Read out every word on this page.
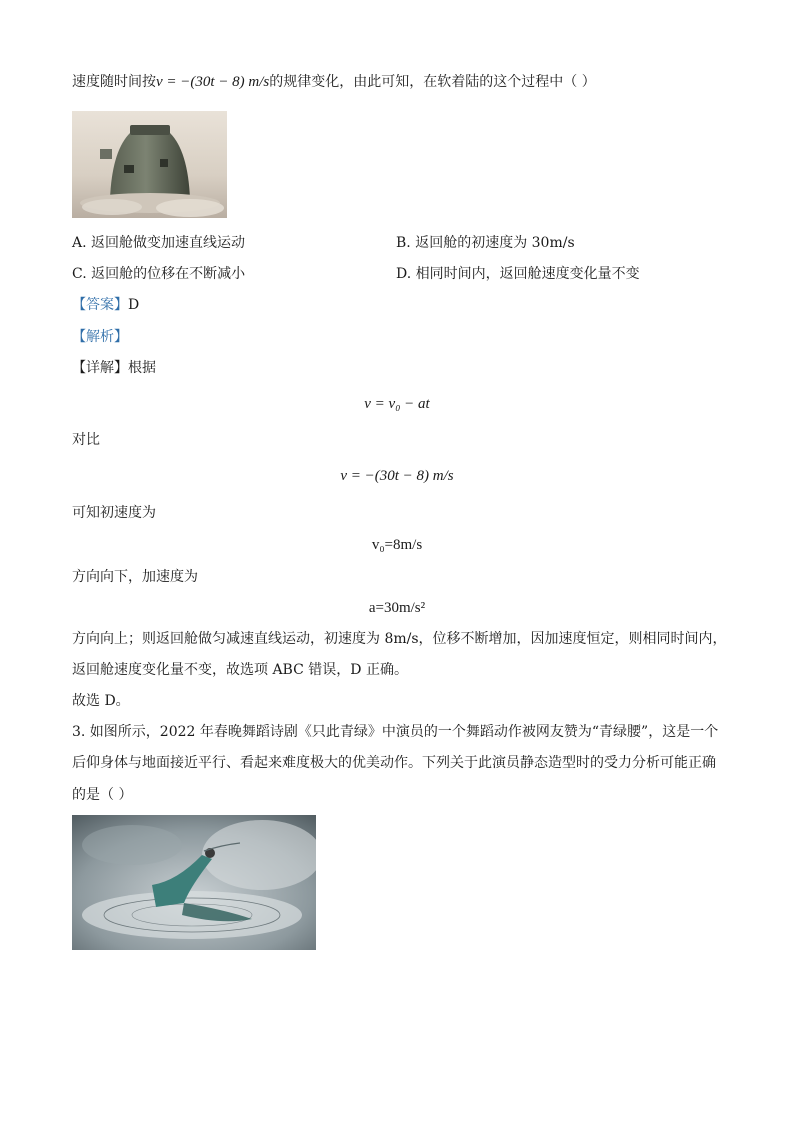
速度随时间按v = −(30t − 8) m/s的规律变化，由此可知，在软着陆的这个过程中（ ）
A. 返回舱做变加速直线运动	B. 返回舱的初速度为 30m/s
C. 返回舱的位移在不断减小	D. 相同时间内，返回舱速度变化量不变
【答案】D
【解析】
【详解】根据
v = v₀ − at
对比
v = −(30t − 8) m/s
可知初速度为
v₀=8m/s
方向向下，加速度为
a=30m/s²
方向向上；则返回舱做匀减速直线运动，初速度为 8m/s，位移不断增加，因加速度恒定，则相同时间内，
返回舱速度变化量不变，故选项 ABC 错误，D 正确。
故选 D。
3. 如图所示，2022 年春晚舞蹈诗剧《只此青绿》中演员的一个舞蹈动作被网友赞为“青绿腰”，这是一个
后仰身体与地面接近平行、看起来难度极大的优美动作。下列关于此演员静态造型时的受力分析可能正确
的是（ ）
